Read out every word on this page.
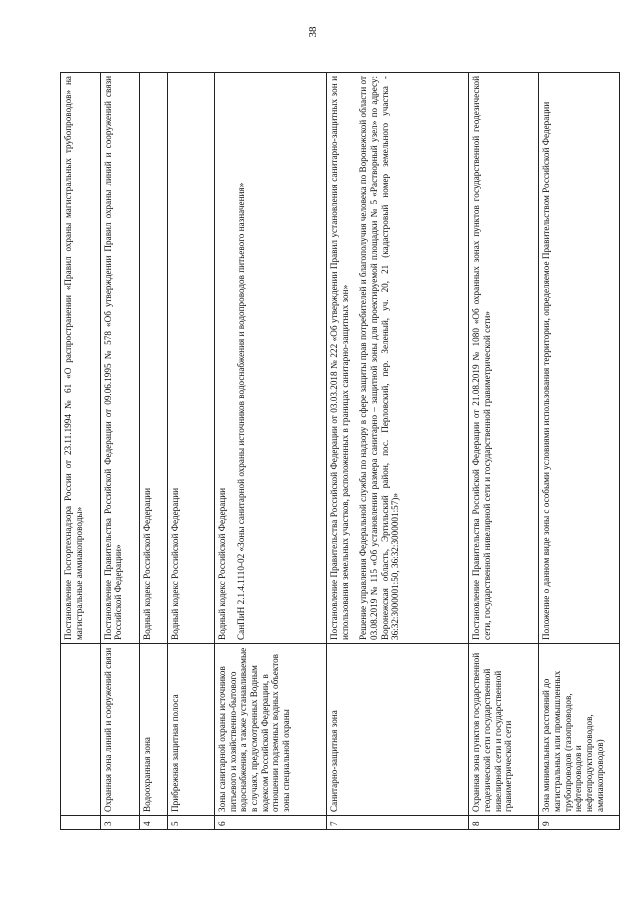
38

		Постановление Госгортехнадзора России от 23.11.1994 № 61 «О распространении «Правил охраны магистральных трубопроводов» на магистральные аммиакопроводы»

3	Охранная зона линий и сооружений связи	Постановление Правительства Российской Федерации от 09.06.1995 № 578 «Об утверждении Правил охраны линий и сооружений связи Российской Федерации»

4	Водоохранная зона	Водный кодекс Российской Федерации

5	Прибрежная защитная полоса	Водный кодекс Российской Федерации

6	Зоны санитарной охраны источников питьевого и хозяйственно-бытового водоснабжения, а также устанавливаемые в случаях, предусмотренных Водным кодексом Российской Федерации, в отношении подземных водных объектов зоны специальной охраны	Водный кодекс Российской Федерации СанПиН 2.1.4.1110-02 «Зоны санитарной охраны источников водоснабжения и водопроводов питьевого назначения»

7	Санитарно-защитная зона	Постановление Правительства Российской Федерации от 03.03.2018 № 222 «Об утверждении Правил установления санитарно-защитных зон и использования земельных участков, расположенных в границах санитарно-защитных зон» Решение управления Федеральной службы по надзору в сфере защиты прав потребителей и благополучия человека по Воронежской области от 03.08.2019 № 115 «Об установлении размера санитарно – защитной зоны для проектируемой площадки № 5 «Растворный узел» по адресу: Воронежская область, Эртильский район, пос. Перловский, пер. Зеленый, уч. 20, 21 (кадастровый номер земельного участка - 36:32:3000001:50, 36:32:3000001:57)»

8	Охранная зона пунктов государственной геодезической сети государственной нивелирной сети и государственной гравиметрической сети	Постановление Правительства Российской Федерации от 21.08.2019 № 1080 «Об охранных зонах пунктов государственной геодезической сети, государственной нивелирной сети и государственной гравиметрической сети»

9	Зона минимальных расстояний до магистральных или промышленных трубопроводов (газопроводов, нефтепроводов и нефтепродуктопроводов, аммиакопроводов)	Положение о данном виде зоны с особыми условиями использования территории, определяемое Правительством Российской Федерации
